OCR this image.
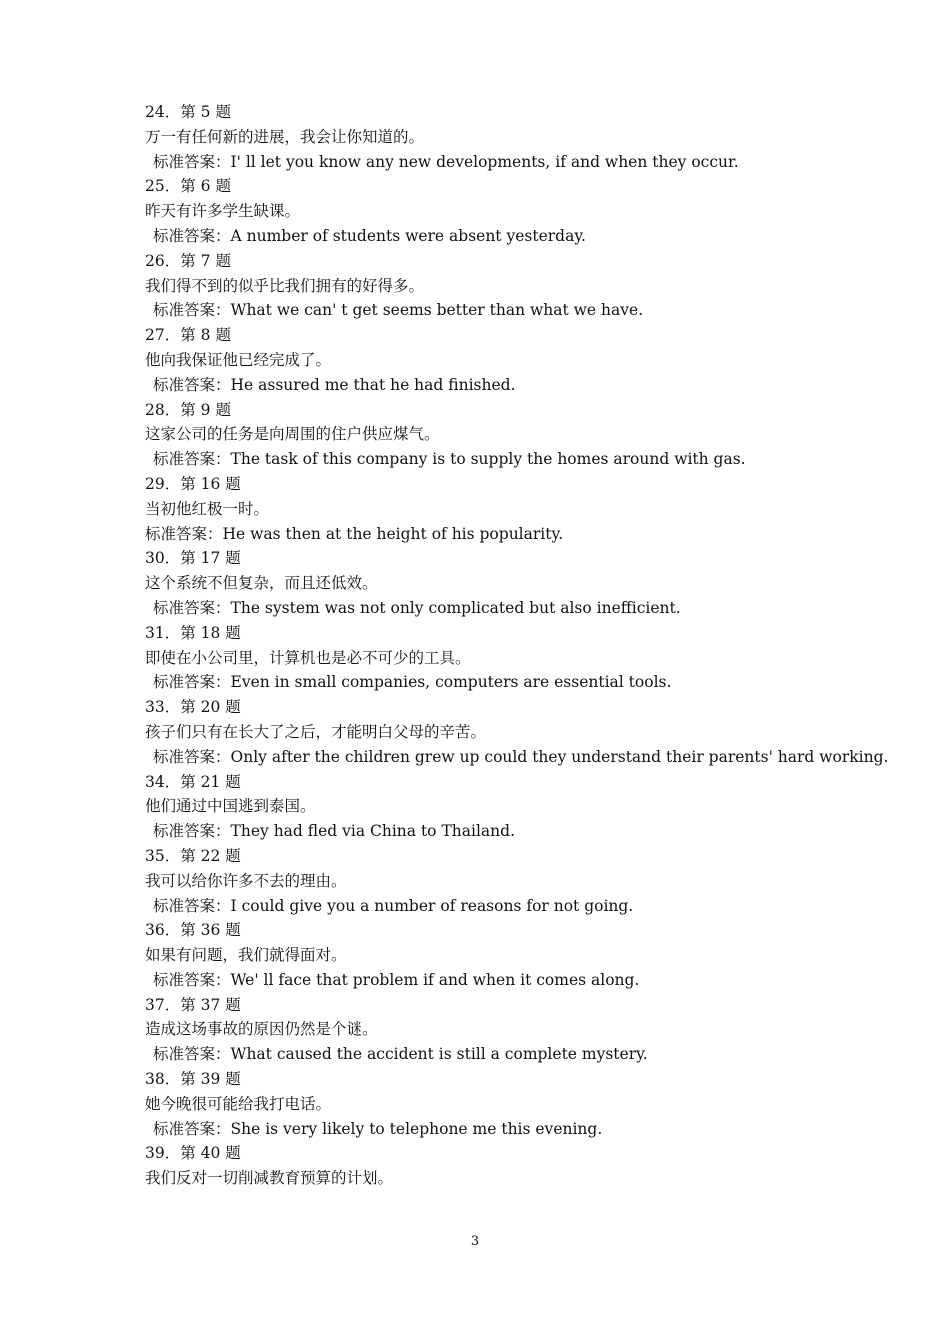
24．第 5 题
万一有任何新的进展，我会让你知道的。
标准答案：I' ll let you know any new developments, if and when they occur.
25．第 6 题
昨天有许多学生缺课。
标准答案：A number of students were absent yesterday.
26．第 7 题
我们得不到的似乎比我们拥有的好得多。
标准答案：What we can' t get seems better than what we have.
27．第 8 题
他向我保证他已经完成了。
标准答案：He assured me that he had finished.
28．第 9 题
这家公司的任务是向周围的住户供应煤气。
标准答案：The task of this company is to supply the homes around with gas.
29．第 16 题
当初他红极一时。
标准答案：He was then at the height of his popularity.
30．第 17 题
这个系统不但复杂，而且还低效。
标准答案：The system was not only complicated but also inefficient.
31．第 18 题
即使在小公司里，计算机也是必不可少的工具。
标准答案：Even in small companies, computers are essential tools.
33．第 20 题
孩子们只有在长大了之后，才能明白父母的辛苦。
标准答案：Only after the children grew up could they understand their parents' hard working.
34．第 21 题
他们通过中国逃到泰国。
标准答案：They had fled via China to Thailand.
35．第 22 题
我可以给你许多不去的理由。
标准答案：I could give you a number of reasons for not going.
36．第 36 题
如果有问题，我们就得面对。
标准答案：We' ll face that problem if and when it comes along.
37．第 37 题
造成这场事故的原因仍然是个谜。
标准答案：What caused the accident is still a complete mystery.
38．第 39 题
她今晚很可能给我打电话。
标准答案：She is very likely to telephone me this evening.
39．第 40 题
我们反对一切削减教育预算的计划。
3
